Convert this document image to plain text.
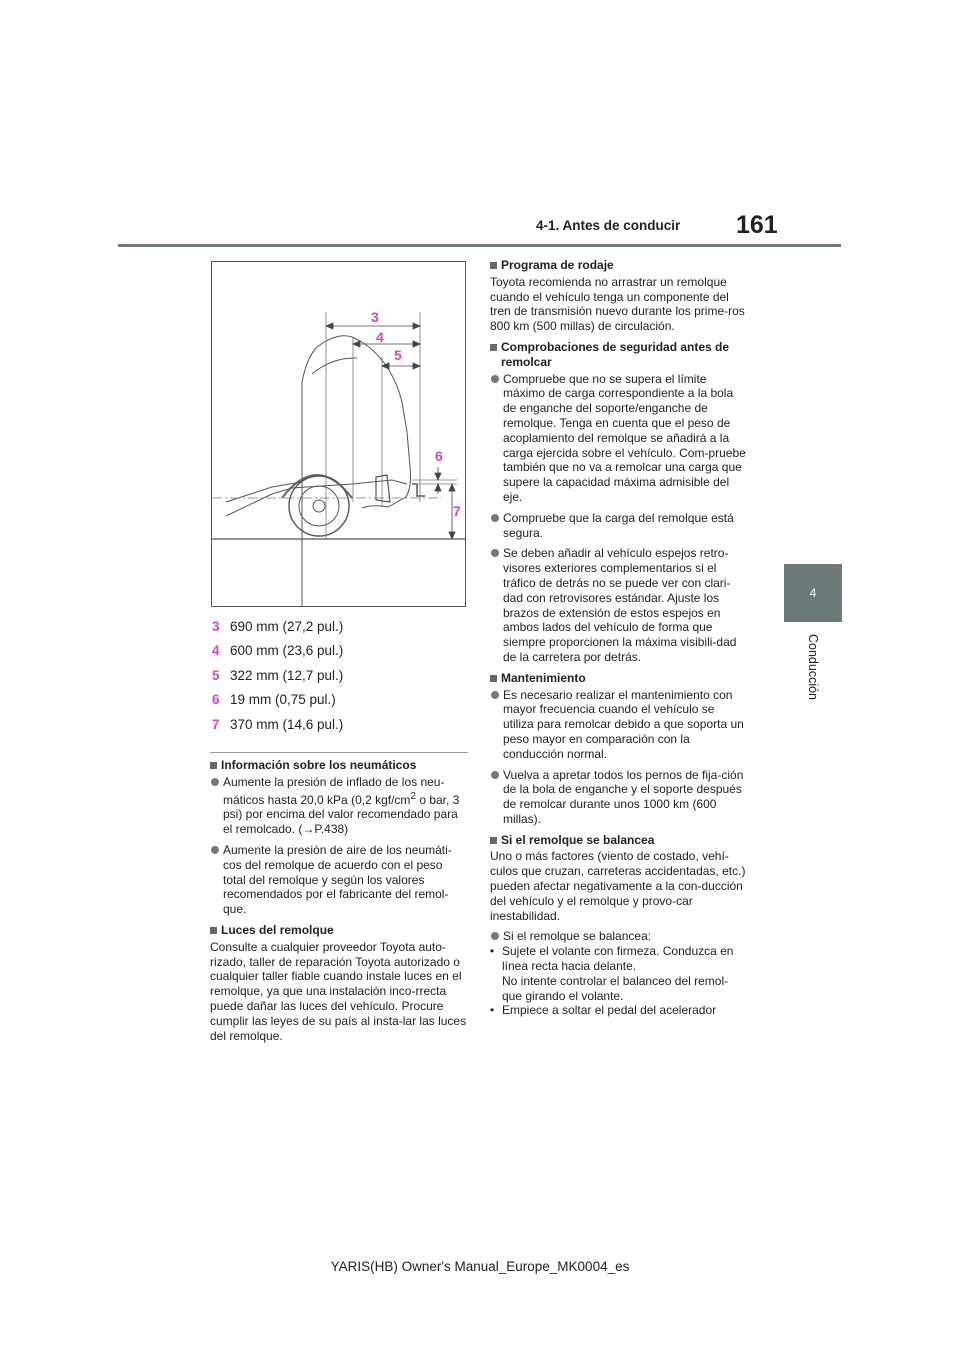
4-1. Antes de conducir 161
4
Conducción
3
4
5
6
7
3 690 mm (27,2 pul.)
4 600 mm (23,6 pul.)
5 322 mm (12,7 pul.)
6 19 mm (0,75 pul.)
7 370 mm (14,6 pul.)
Información sobre los neumáticos
Aumente la presión de inflado de los neu-máticos hasta 20,0 kPa (0,2 kgf/$cm^2$ o bar, 3 psi) por encima del valor recomendado para el remolcado. (→P.438)
Aumente la presión de aire de los neumáti-cos del remolque de acuerdo con el peso total del remolque y según los valores recomendados por el fabricante del remol-que.
Luces del remolque
Consulte a cualquier proveedor Toyota auto-rizado, taller de reparación Toyota autorizado o cualquier taller fiable cuando instale luces en el remolque, ya que una instalación inco-rrecta puede dañar las luces del vehículo. Procure cumplir las leyes de su país al insta-lar las luces del remolque.
Programa de rodaje
Toyota recomienda no arrastrar un remolque cuando el vehículo tenga un componente del tren de transmisión nuevo durante los prime-ros 800 km (500 millas) de circulación.
Comprobaciones de seguridad antes de remolcar
Compruebe que no se supera el límite máximo de carga correspondiente a la bola de enganche del soporte/enganche de remolque. Tenga en cuenta que el peso de acoplamiento del remolque se añadirá a la carga ejercida sobre el vehículo. Com-pruebe también que no va a remolcar una carga que supere la capacidad máxima admisible del eje.
Compruebe que la carga del remolque está segura.
Se deben añadir al vehículo espejos retro-visores exteriores complementarios si el tráfico de detrás no se puede ver con clari-dad con retrovisores estándar. Ajuste los brazos de extensión de estos espejos en ambos lados del vehículo de forma que siempre proporcionen la máxima visibili-dad de la carretera por detrás.
Mantenimiento
Es necesario realizar el mantenimiento con mayor frecuencia cuando el vehículo se utiliza para remolcar debido a que soporta un peso mayor en comparación con la conducción normal.
Vuelva a apretar todos los pernos de fija-ción de la bola de enganche y el soporte después de remolcar durante unos 1000 km (600 millas).
Si el remolque se balancea
Uno o más factores (viento de costado, vehí-culos que cruzan, carreteras accidentadas, etc.) pueden afectar negativamente a la con-ducción del vehículo y el remolque y provo-car inestabilidad.
Si el remolque se balancea:
• Sujete el volante con firmeza. Conduzca en línea recta hacia delante.
No intente controlar el balanceo del remol-que girando el volante.
• Empiece a soltar el pedal del acelerador
YARIS(HB) Owner's Manual_Europe_MK0004_es
